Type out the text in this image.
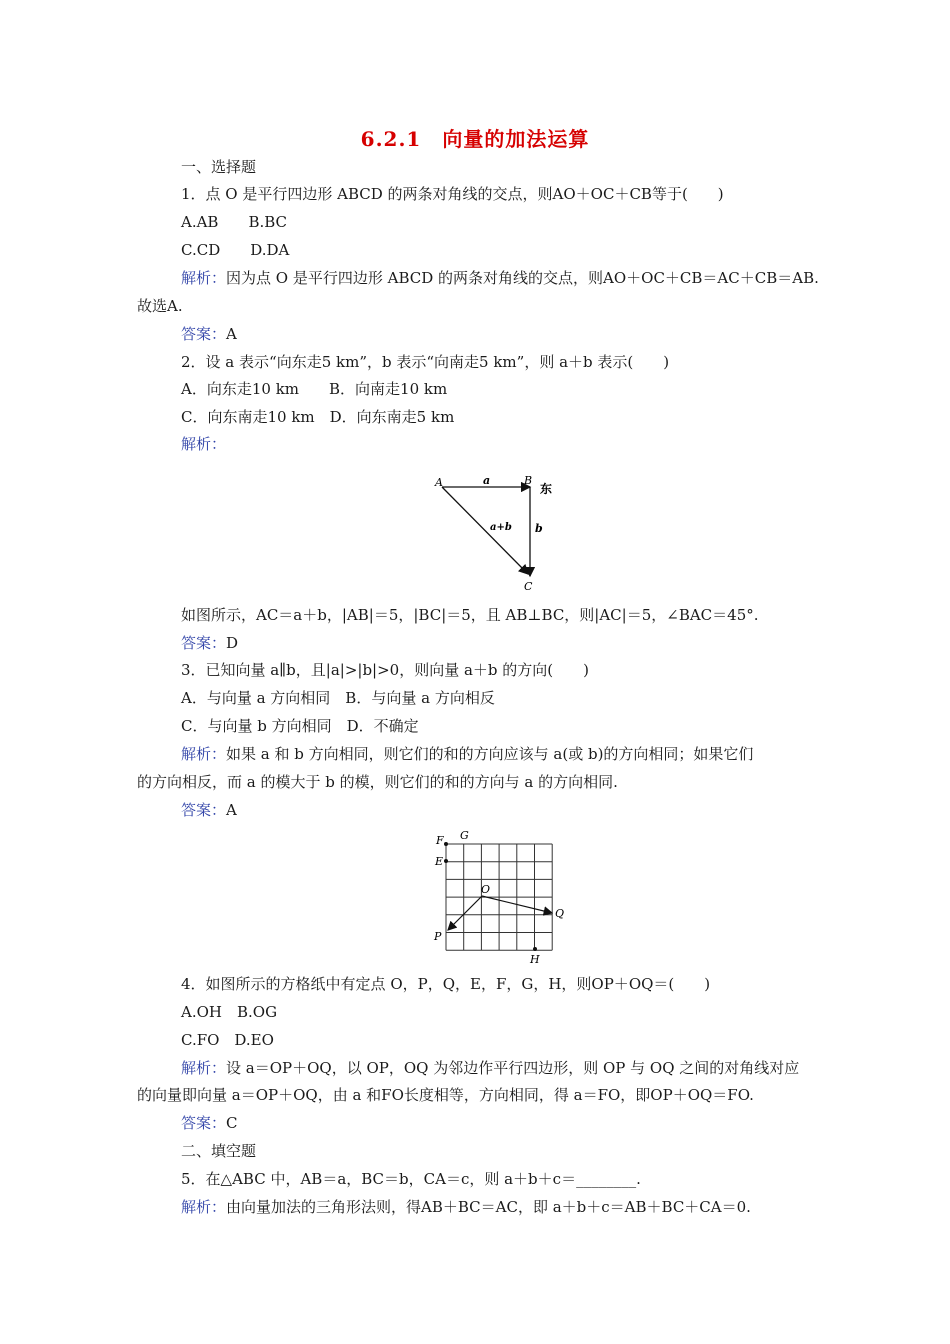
6.2.1　向量的加法运算
一、选择题
1．点 O 是平行四边形 ABCD 的两条对角线的交点，则AO＋OC＋CB等于(　　)
A.AB　　B.BC
C.CD　　D.DA
解析：因为点 O 是平行四边形 ABCD 的两条对角线的交点，则AO＋OC＋CB＝AC＋CB＝AB.
故选A.
答案：A
2．设 a 表示“向东走5 km”，b 表示“向南走5 km”，则 a＋b 表示(　　)
A．向东走10 km　　B．向南走10 km
C．向东南走10 km　D．向东南走5 km
解析：
A	B
C
a
b
a+b
东
如图所示，AC＝a＋b，|AB|＝5，|BC|＝5，且 AB⊥BC，则|AC|＝5，∠BAC＝45°.
答案：D
3．已知向量 a∥b，且|a|>|b|>0，则向量 a＋b 的方向(　　)
A．与向量 a 方向相同　B．与向量 a 方向相反
C．与向量 b 方向相同　D．不确定
解析：如果 a 和 b 方向相同，则它们的和的方向应该与 a(或 b)的方向相同；如果它们
的方向相反，而 a 的模大于 b 的模，则它们的和的方向与 a 的方向相同.
答案：A
F G
E
O
Q
P
H
4．如图所示的方格纸中有定点 O，P，Q，E，F，G，H，则OP＋OQ＝(　　)
A.OH　B.OG
C.FO　D.EO
解析：设 a＝OP＋OQ，以 OP，OQ 为邻边作平行四边形，则 OP 与 OQ 之间的对角线对应
的向量即向量 a＝OP＋OQ，由 a 和FO长度相等，方向相同，得 a＝FO，即OP＋OQ＝FO.
答案：C
二、填空题
5．在△ABC 中，AB＝a，BC＝b，CA＝c，则 a＋b＋c＝________.
解析：由向量加法的三角形法则，得AB＋BC＝AC，即 a＋b＋c＝AB＋BC＋CA＝0.
